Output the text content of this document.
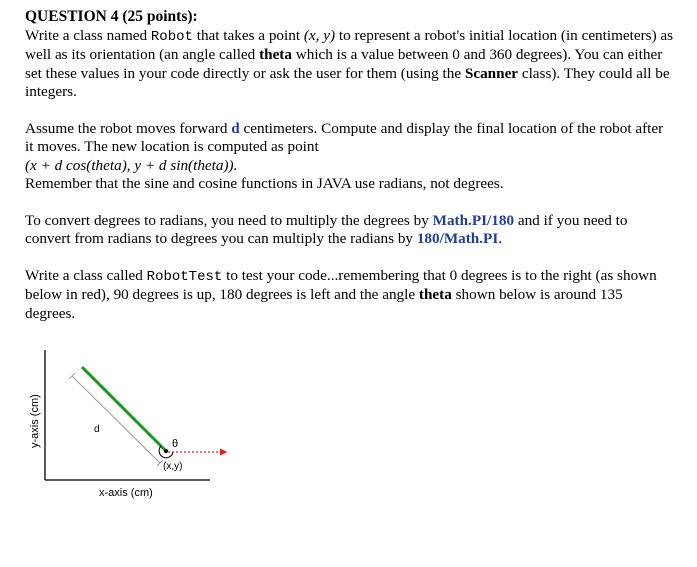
QUESTION 4 (25 points):

Write a class named Robot that takes a point (x, y) to represent a robot's initial location (in centimeters) as well as its orientation (an angle called theta which is a value between 0 and 360 degrees). You can either set these values in your code directly or ask the user for them (using the Scanner class). They could all be integers.

Assume the robot moves forward d centimeters. Compute and display the final location of the robot after it moves. The new location is computed as point
(x + d cos(theta), y + d sin(theta)).
Remember that the sine and cosine functions in JAVA use radians, not degrees.

To convert degrees to radians, you need to multiply the degrees by Math.PI/180 and if you need to convert from radians to degrees you can multiply the radians by 180/Math.PI.

Write a class called RobotTest to test your code...remembering that 0 degrees is to the right (as shown below in red), 90 degrees is up, 180 degrees is left and the angle theta shown below is around 135 degrees.

y-axis (cm)
x-axis (cm)
d
θ
(x,y)
